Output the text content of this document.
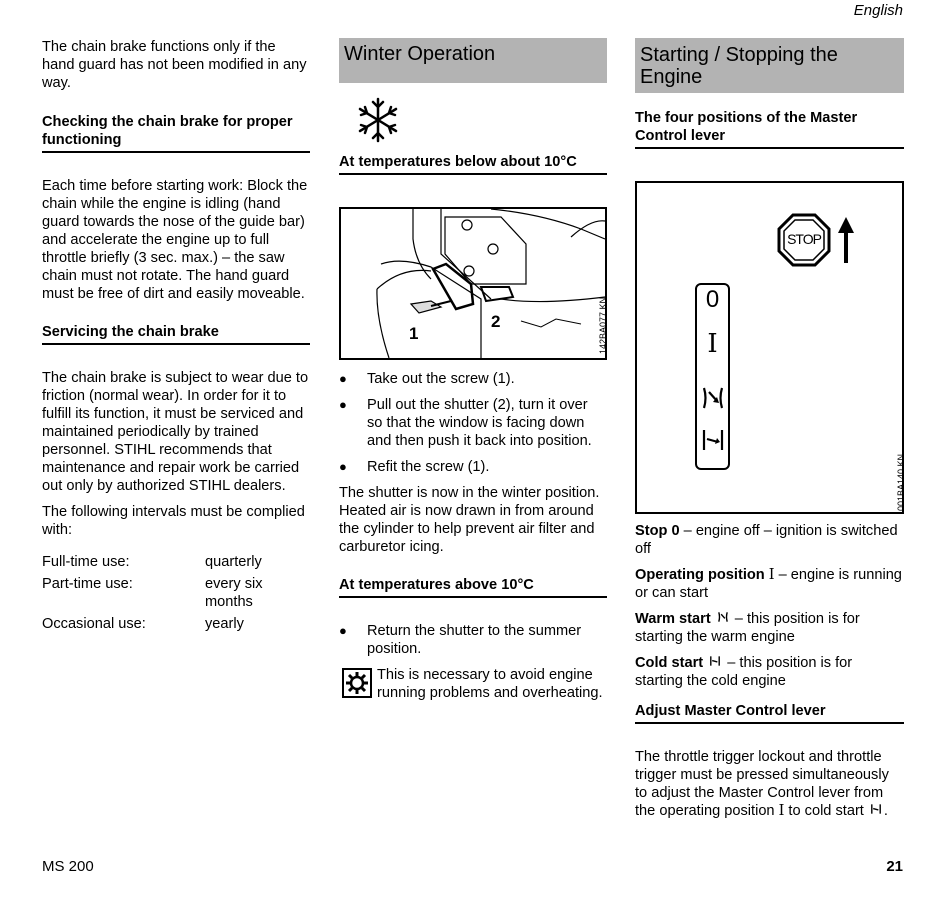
English

The chain brake functions only if the hand guard has not been modified in any way.

Checking the chain brake for proper functioning

Each time before starting work: Block the chain while the engine is idling (hand guard towards the nose of the guide bar) and accelerate the engine up to full throttle briefly (3 sec. max.) – the saw chain must not rotate. The hand guard must be free of dirt and easily moveable.

Servicing the chain brake

The chain brake is subject to wear due to friction (normal wear). In order for it to fulfill its function, it must be serviced and maintained periodically by trained personnel. STIHL recommends that maintenance and repair work be carried out only by authorized STIHL dealers.

The following intervals must be complied with:

Full-time use:	quarterly
Part-time use:	every six months
Occasional use:	yearly

Winter Operation

At temperatures below about 10°C

1
2	142BA077 KN

● Take out the screw (1).

● Pull out the shutter (2), turn it over so that the window is facing down and then push it back into position.

● Refit the screw (1).

The shutter is now in the winter position. Heated air is now drawn in from around the cylinder to help prevent air filter and carburetor icing.

At temperatures above 10°C

● Return the shutter to the summer position.

This is necessary to avoid engine running problems and overheating.

Starting / Stopping the Engine

The four positions of the Master Control lever

STOP
0
I
001BA140 KN

Stop 0 – engine off – ignition is switched off

Operating position I – engine is running or can start

Warm start  – this position is for starting the warm engine

Cold start  – this position is for starting the cold engine

Adjust Master Control lever

The throttle trigger lockout and throttle trigger must be pressed simultaneously to adjust the Master Control lever from the operating position I to cold start .

MS 200	21
